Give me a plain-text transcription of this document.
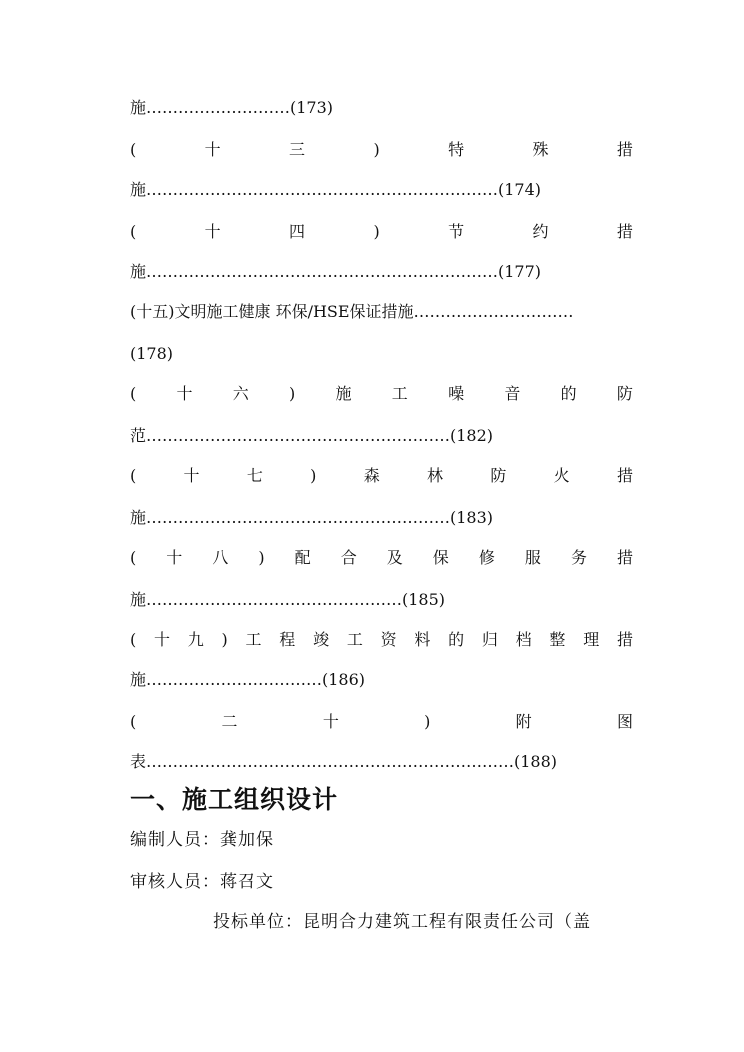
施………………………(173)
(	十	三	)	特	殊	措
施…………………………………………………………(174)
(	十	四	)	节	约	措
施…………………………………………………………(177)
(十五)文明施工健康 环保/HSE保证措施…………………………
(178)
(	十	六	)	施	工	噪	音	的	防
范…………………………………………………(182)
(	十	七	)	森	林	防	火	措
施…………………………………………………(183)
( 十 八 ) 配 合 及 保 修 服 务 措
施…………………………………………(185)
( 十 九 ) 工 程 竣 工 资 料 的 归 档 整 理 措
施……………………………(186)
(	二	十	)	附	图
表……………………………………………………………(188)
一、施工组织设计
编制人员：龚加保
审核人员：蒋召文
投标单位：昆明合力建筑工程有限责任公司（盖
